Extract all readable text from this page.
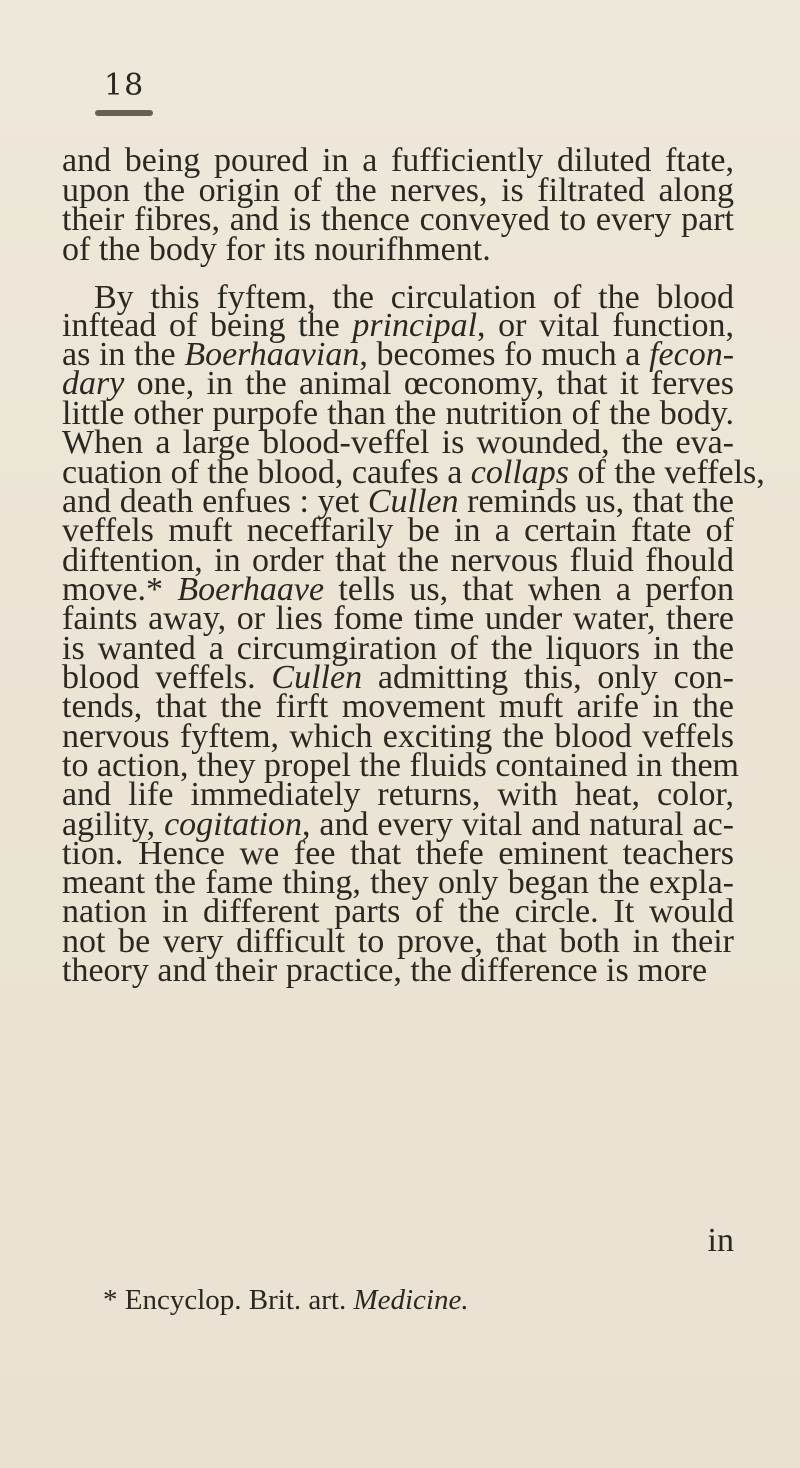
18
and being poured in a fufficiently diluted ftate,
upon the origin of the nerves, is filtrated along
their fibres, and is thence conveyed to every part
of the body for its nourifhment.
By this fyftem, the circulation of the blood
inftead of being the principal, or vital function,
as in the Boerhaavian, becomes fo much a fecon-
dary one, in the animal œconomy, that it ferves
little other purpofe than the nutrition of the body.
When a large blood-veffel is wounded, the eva-
cuation of the blood, caufes a collaps of the veffels,
and death enfues : yet Cullen reminds us, that the
veffels muft neceffarily be in a certain ftate of
diftention, in order that the nervous fluid fhould
move.* Boerhaave tells us, that when a perfon
faints away, or lies fome time under water, there
is wanted a circumgiration of the liquors in the
blood veffels. Cullen admitting this, only con-
tends, that the firft movement muft arife in the
nervous fyftem, which exciting the blood veffels
to action, they propel the fluids contained in them
and life immediately returns, with heat, color,
agility, cogitation, and every vital and natural ac-
tion. Hence we fee that thefe eminent teachers
meant the fame thing, they only began the expla-
nation in different parts of the circle. It would
not be very difficult to prove, that both in their
theory and their practice, the difference is more
in
* Encyclop. Brit. art. Medicine.
